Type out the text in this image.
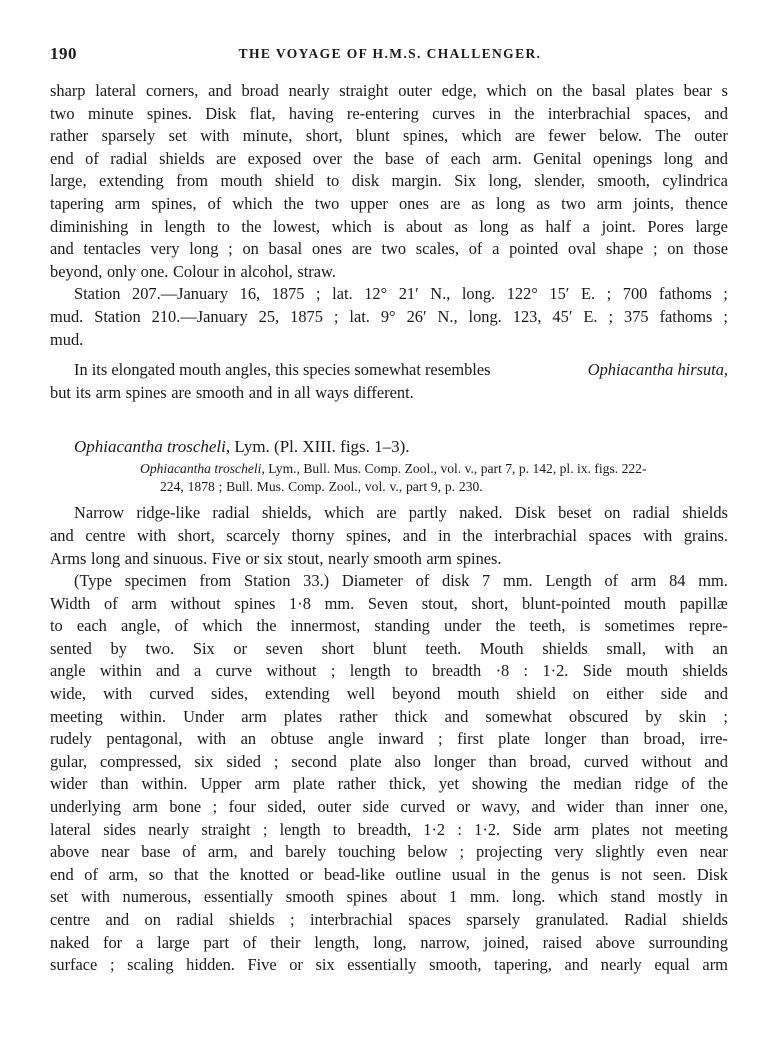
190	THE VOYAGE OF H.M.S. CHALLENGER.
sharp lateral corners, and broad nearly straight outer edge, which on the basal plates bear s
two minute spines. Disk flat, having re-entering curves in the interbrachial spaces, and
rather sparsely set with minute, short, blunt spines, which are fewer below. The outer
end of radial shields are exposed over the base of each arm. Genital openings long and
large, extending from mouth shield to disk margin. Six long, slender, smooth, cylindrica
tapering arm spines, of which the two upper ones are as long as two arm joints, thence
diminishing in length to the lowest, which is about as long as half a joint. Pores large
and tentacles very long ; on basal ones are two scales, of a pointed oval shape ; on those
beyond, only one. Colour in alcohol, straw.
Station 207.—January 16, 1875 ; lat. 12° 21′ N., long. 122° 15′ E. ; 700 fathoms ;
mud. Station 210.—January 25, 1875 ; lat. 9° 26′ N., long. 123, 45′ E. ; 375 fathoms ;
mud.
In its elongated mouth angles, this species somewhat resembles	Ophiacantha hirsuta,
but its arm spines are smooth and in all ways different.
Ophiacantha troscheli, Lym. (Pl. XIII. figs. 1–3).
Ophiacantha troscheli, Lym., Bull. Mus. Comp. Zool., vol. v., part 7, p. 142, pl. ix. figs. 222-
224, 1878 ; Bull. Mus. Comp. Zool., vol. v., part 9, p. 230.
Narrow ridge-like radial shields, which are partly naked. Disk beset on radial shields
and centre with short, scarcely thorny spines, and in the interbrachial spaces with grains.
Arms long and sinuous. Five or six stout, nearly smooth arm spines.
(Type specimen from Station 33.) Diameter of disk 7 mm. Length of arm 84 mm.
Width of arm without spines 1·8 mm. Seven stout, short, blunt-pointed mouth papillæ
to each angle, of which the innermost, standing under the teeth, is sometimes repre-
sented by two. Six or seven short blunt teeth. Mouth shields small, with an
angle within and a curve without ; length to breadth ·8 : 1·2. Side mouth shields
wide, with curved sides, extending well beyond mouth shield on either side and
meeting within. Under arm plates rather thick and somewhat obscured by skin ;
rudely pentagonal, with an obtuse angle inward ; first plate longer than broad, irre-
gular, compressed, six sided ; second plate also longer than broad, curved without and
wider than within. Upper arm plate rather thick, yet showing the median ridge of the
underlying arm bone ; four sided, outer side curved or wavy, and wider than inner one,
lateral sides nearly straight ; length to breadth, 1·2 : 1·2. Side arm plates not meeting
above near base of arm, and barely touching below ; projecting very slightly even near
end of arm, so that the knotted or bead-like outline usual in the genus is not seen. Disk
set with numerous, essentially smooth spines about 1 mm. long. which stand mostly in
centre and on radial shields ; interbrachial spaces sparsely granulated. Radial shields
naked for a large part of their length, long, narrow, joined, raised above surrounding
surface ; scaling hidden. Five or six essentially smooth, tapering, and nearly equal arm
